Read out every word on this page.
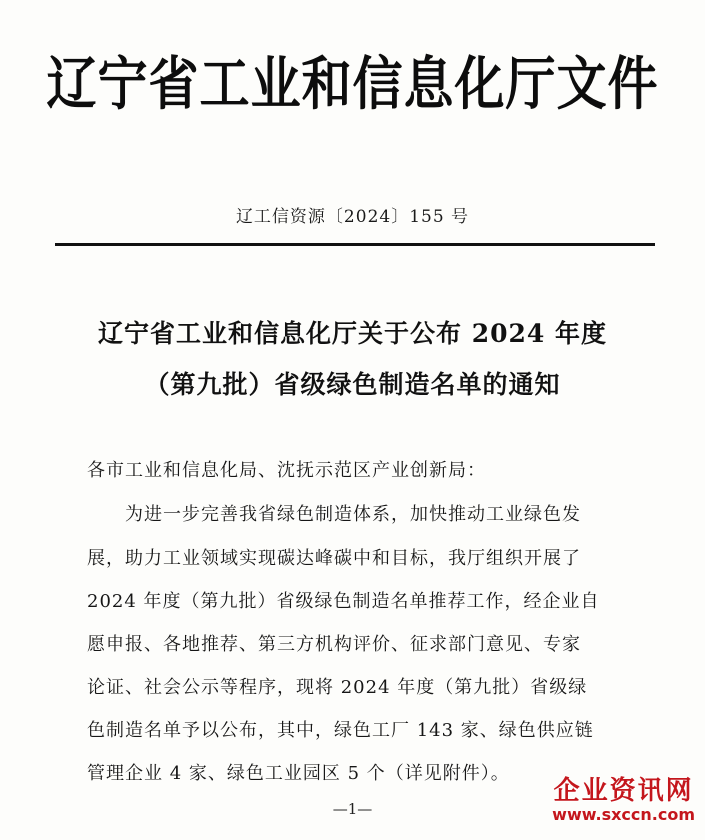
辽宁省工业和信息化厅文件
辽工信资源〔2024〕155 号
辽宁省工业和信息化厅关于公布 2024 年度
（第九批）省级绿色制造名单的通知
各市工业和信息化局、沈抚示范区产业创新局：
为进一步完善我省绿色制造体系，加快推动工业绿色发
展，助力工业领域实现碳达峰碳中和目标，我厅组织开展了
2024 年度（第九批）省级绿色制造名单推荐工作，经企业自
愿申报、各地推荐、第三方机构评价、征求部门意见、专家
论证、社会公示等程序，现将 2024 年度（第九批）省级绿
色制造名单予以公布，其中，绿色工厂 143 家、绿色供应链
管理企业 4 家、绿色工业园区 5 个（详见附件）。
—1—
企业资讯网
www.sxccn.com
